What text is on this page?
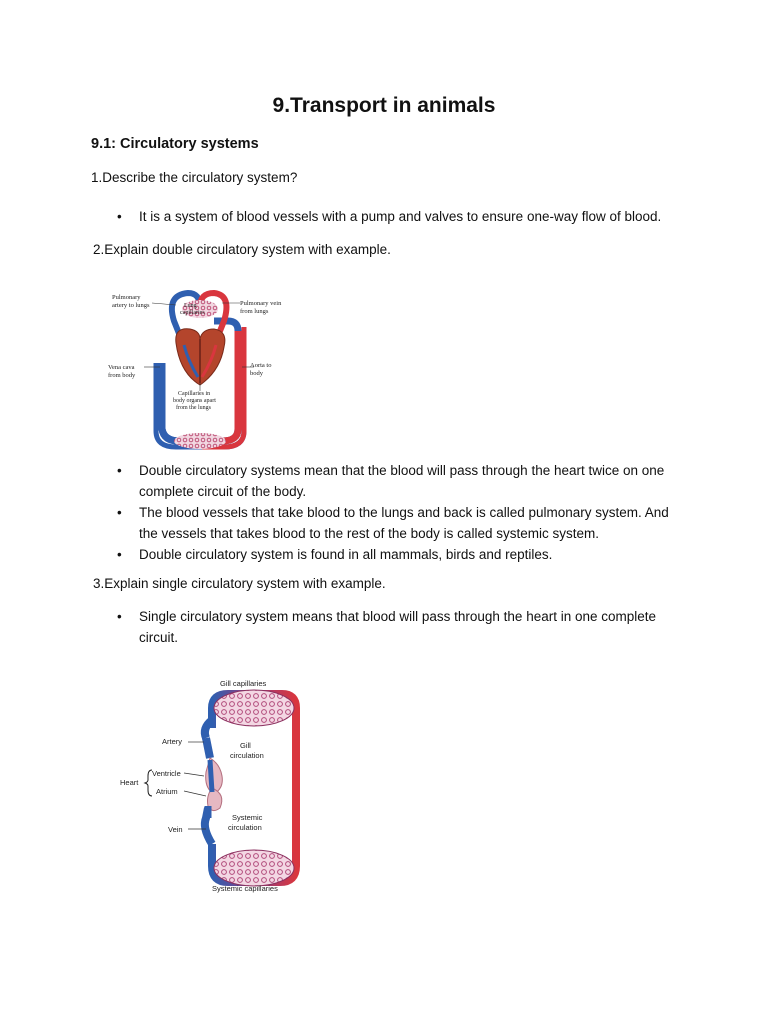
9.Transport in animals
9.1: Circulatory systems

1.Describe the circulatory system?

• It is a system of blood vessels with a pump and valves to ensure one-way flow of blood.

2.Explain double circulatory system with example.

Pulmonary
artery to lungs	Lung
capillaries
Pulmonary vein
from lungs
Vena cava
from body
Aorta to
body
Capillaries in
body organs apart
from the lungs
• Double circulatory systems mean that the blood will pass through the heart twice on one complete circuit of the body.
• The blood vessels that take blood to the lungs and back is called pulmonary system. And the vessels that takes blood to the rest of the body is called systemic system.
• Double circulatory system is found in all mammals, birds and reptiles.

3.Explain single circulatory system with example.

• Single circulatory system means that blood will pass through the heart in one complete circuit.
Gill capillaries
Artery	Gill
circulation
Heart
Ventricle
Atrium
Systemic
circulation
Vein
Systemic capillaries
